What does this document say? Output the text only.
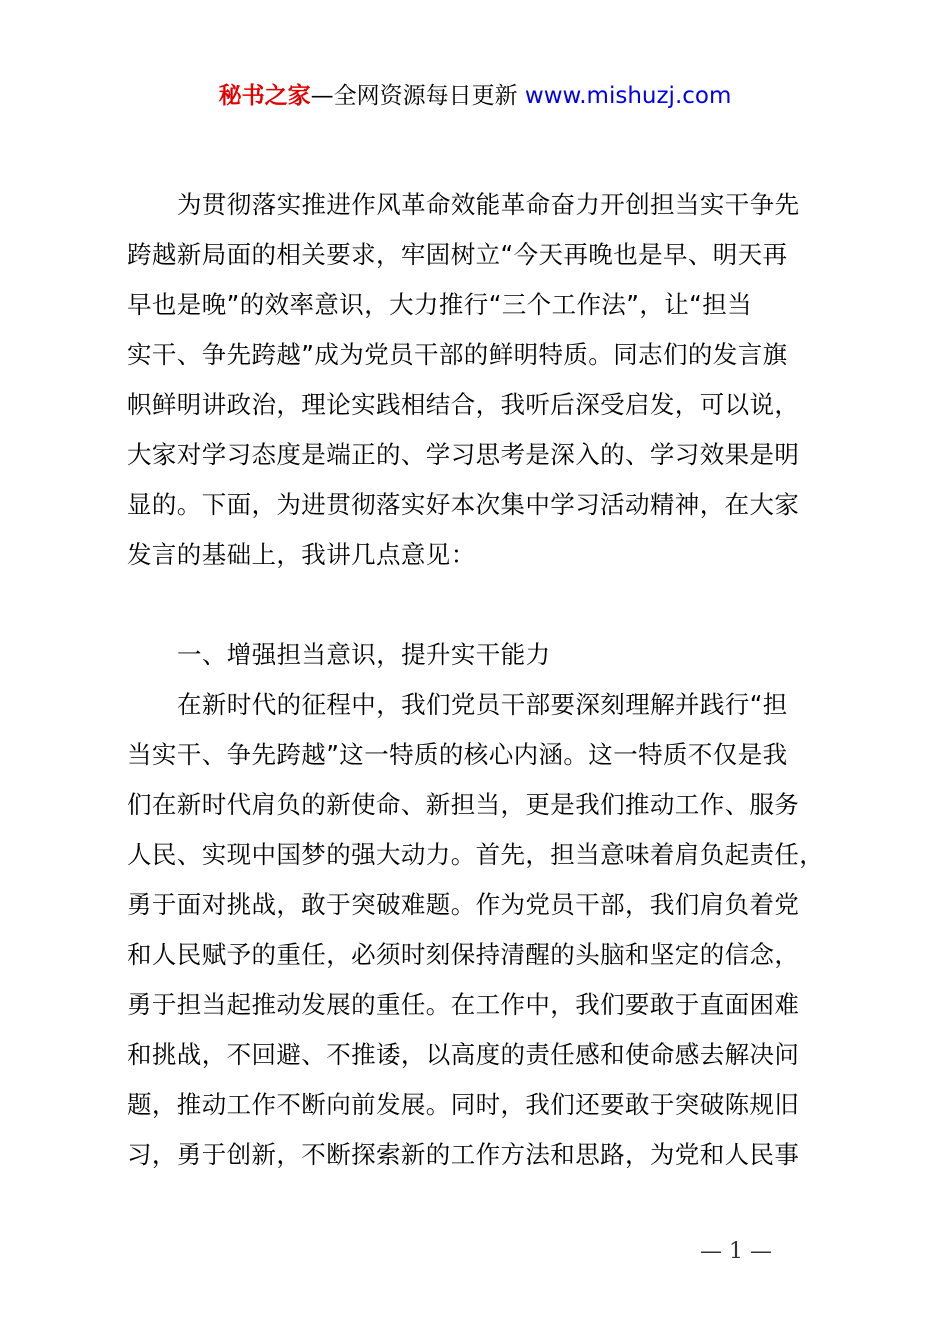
秘书之家—全网资源每日更新 www.mishuzj.com
为贯彻落实推进作风革命效能革命奋力开创担当实干争先
跨越新局面的相关要求，牢固树立“今天再晚也是早、明天再
早也是晚”的效率意识，大力推行“三个工作法”，让“担当
实干、争先跨越”成为党员干部的鲜明特质。同志们的发言旗
帜鲜明讲政治，理论实践相结合，我听后深受启发，可以说，
大家对学习态度是端正的、学习思考是深入的、学习效果是明
显的。下面，为进贯彻落实好本次集中学习活动精神，在大家
发言的基础上，我讲几点意见：
一、增强担当意识，提升实干能力
在新时代的征程中，我们党员干部要深刻理解并践行“担
当实干、争先跨越”这一特质的核心内涵。这一特质不仅是我
们在新时代肩负的新使命、新担当，更是我们推动工作、服务
人民、实现中国梦的强大动力。首先，担当意味着肩负起责任，
勇于面对挑战，敢于突破难题。作为党员干部，我们肩负着党
和人民赋予的重任，必须时刻保持清醒的头脑和坚定的信念，
勇于担当起推动发展的重任。在工作中，我们要敢于直面困难
和挑战，不回避、不推诿，以高度的责任感和使命感去解决问
题，推动工作不断向前发展。同时，我们还要敢于突破陈规旧
习，勇于创新，不断探索新的工作方法和思路，为党和人民事
— 1 —
